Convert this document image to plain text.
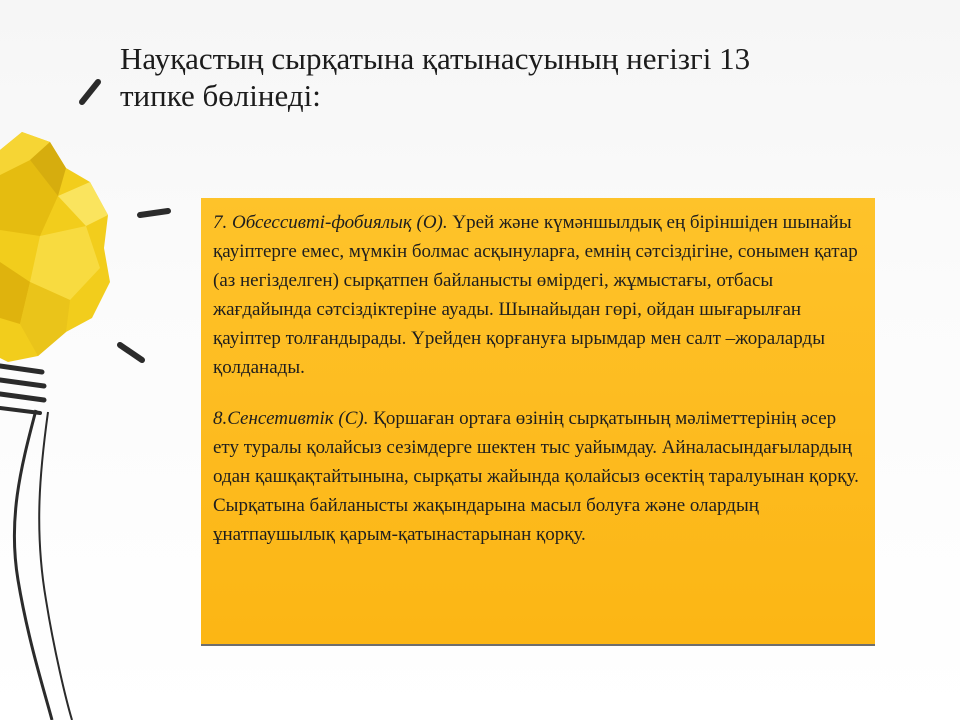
Науқастың сырқатына қатынасуының негізгі 13
типке бөлінеді:

7. Обсессивті-фобиялық (О). Үрей және күмәншылдық ең біріншіден шынайы қауіптерге емес, мүмкін болмас асқынуларға, емнің сәтсіздігіне, сонымен қатар (аз негізделген) сырқатпен байланысты өмірдегі, жұмыстағы, отбасы жағдайында сәтсіздіктеріне ауады. Шынайыдан гөрі, ойдан шығарылған қауіптер толғандырады. Үрейден қорғануға ырымдар мен салт –жораларды қолданады.

8.Сенсетивтік (С). Қоршаған ортаға өзінің сырқатының мәліметтерінің әсер ету туралы қолайсыз сезімдерге шектен тыс уайымдау. Айналасындағылардың одан қашқақтайтынына, сырқаты жайында қолайсыз өсектің таралуынан қорқу. Сырқатына байланысты жақындарына масыл болуға және олардың ұнатпаушылық қарым-қатынастарынан қорқу.
